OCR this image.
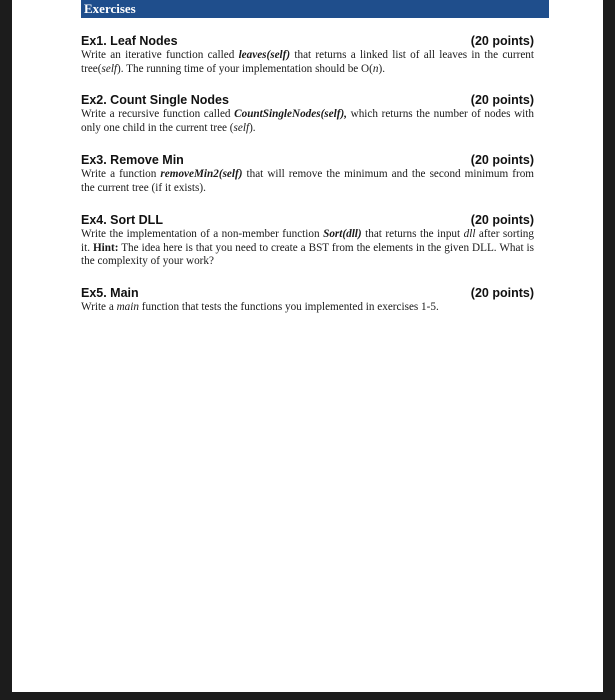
Exercises
Ex1. Leaf Nodes	(20 points)
Write an iterative function called leaves(self) that returns a linked list of all leaves in the current tree(self). The running time of your implementation should be O(n).
Ex2. Count Single Nodes	(20 points)
Write a recursive function called CountSingleNodes(self), which returns the number of nodes with only one child in the current tree (self).
Ex3. Remove Min	(20 points)
Write a function removeMin2(self) that will remove the minimum and the second minimum from the current tree (if it exists).
Ex4. Sort DLL	(20 points)
Write the implementation of a non-member function Sort(dll) that returns the input dll after sorting it. Hint: The idea here is that you need to create a BST from the elements in the given DLL. What is the complexity of your work?
Ex5. Main	(20 points)
Write a main function that tests the functions you implemented in exercises 1-5.
